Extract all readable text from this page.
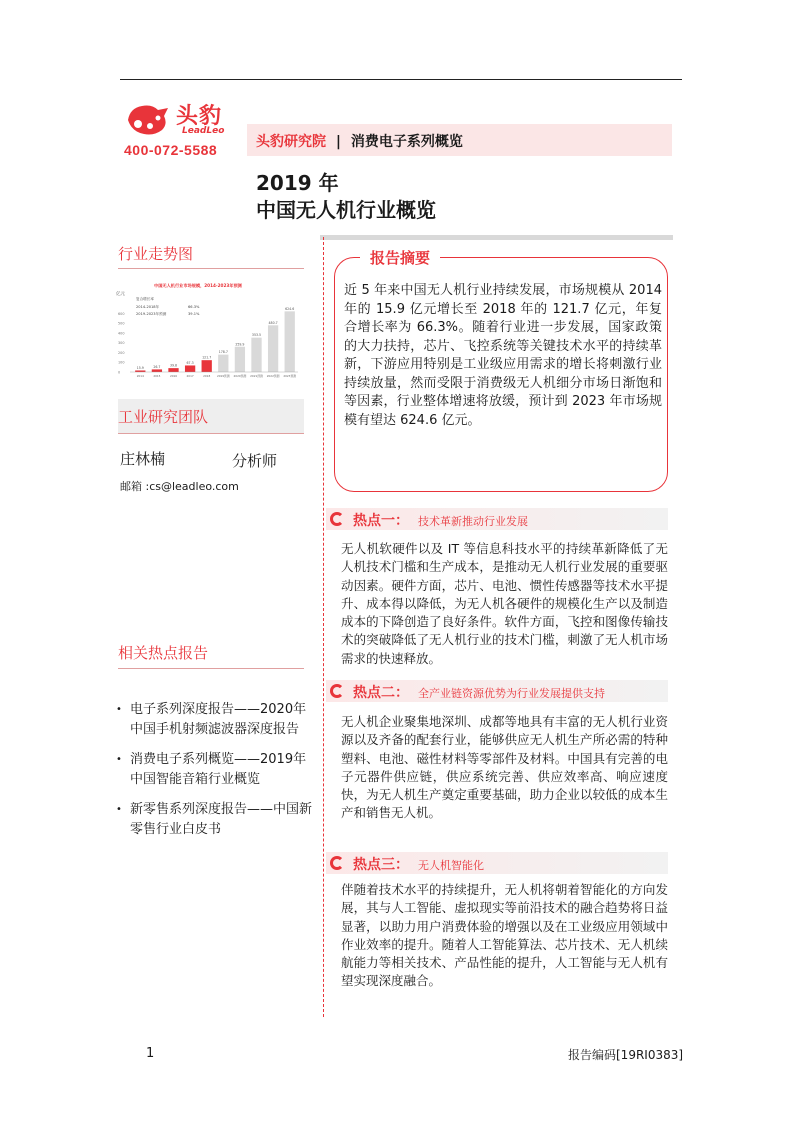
头豹
LeadLeo
400-072-5588	头豹研究院 | 消费电子系列概览
2019 年
中国无人机行业概览
行业走势图
中国无人机行业市场规模，2014-2023年预测
亿元
0
100
200
300
400
500
600
复合增长率
2014-2018年
2019-2023年预测
66.3%
39.1%
15.9	26.7	39.8
67.3
121.7
178.7
259.9
353.5
480.7
624.6
2014	2015	2016	2017	2018 2019预测 2020预测 2021预测 2022预测 2023预测
工业研究团队
庄林楠	分析师
邮箱 :cs@leadleo.com
相关热点报告
• 电子系列深度报告——2020年中国手机射频滤波器深度报告
• 消费电子系列概览——2019年中国智能音箱行业概览
• 新零售系列深度报告——中国新零售行业白皮书
报告摘要
近 5 年来中国无人机行业持续发展，市场规模从 2014 年的 15.9 亿元增长至 2018 年的 121.7 亿元，年复合增长率为 66.3%。随着行业进一步发展，国家政策的大力扶持，芯片、飞控系统等关键技术水平的持续革新，下游应用特别是工业级应用需求的增长将刺激行业持续放量，然而受限于消费级无人机细分市场日渐饱和等因素，行业整体增速将放缓，预计到 2023 年市场规模有望达 624.6 亿元。
热点一： 技术革新推动行业发展
无人机软硬件以及 IT 等信息科技水平的持续革新降低了无人机技术门槛和生产成本，是推动无人机行业发展的重要驱动因素。硬件方面，芯片、电池、惯性传感器等技术水平提升、成本得以降低，为无人机各硬件的规模化生产以及制造成本的下降创造了良好条件。软件方面，飞控和图像传输技术的突破降低了无人机行业的技术门槛，刺激了无人机市场需求的快速释放。
热点二： 全产业链资源优势为行业发展提供支持
无人机企业聚集地深圳、成都等地具有丰富的无人机行业资源以及齐备的配套行业，能够供应无人机生产所必需的特种塑料、电池、磁性材料等零部件及材料。中国具有完善的电子元器件供应链，供应系统完善、供应效率高、响应速度快，为无人机生产奠定重要基础，助力企业以较低的成本生产和销售无人机。
热点三： 无人机智能化
伴随着技术水平的持续提升，无人机将朝着智能化的方向发展，其与人工智能、虚拟现实等前沿技术的融合趋势将日益显著，以助力用户消费体验的增强以及在工业级应用领域中作业效率的提升。随着人工智能算法、芯片技术、无人机续航能力等相关技术、产品性能的提升，人工智能与无人机有望实现深度融合。
1	报告编码[19RI0383]
